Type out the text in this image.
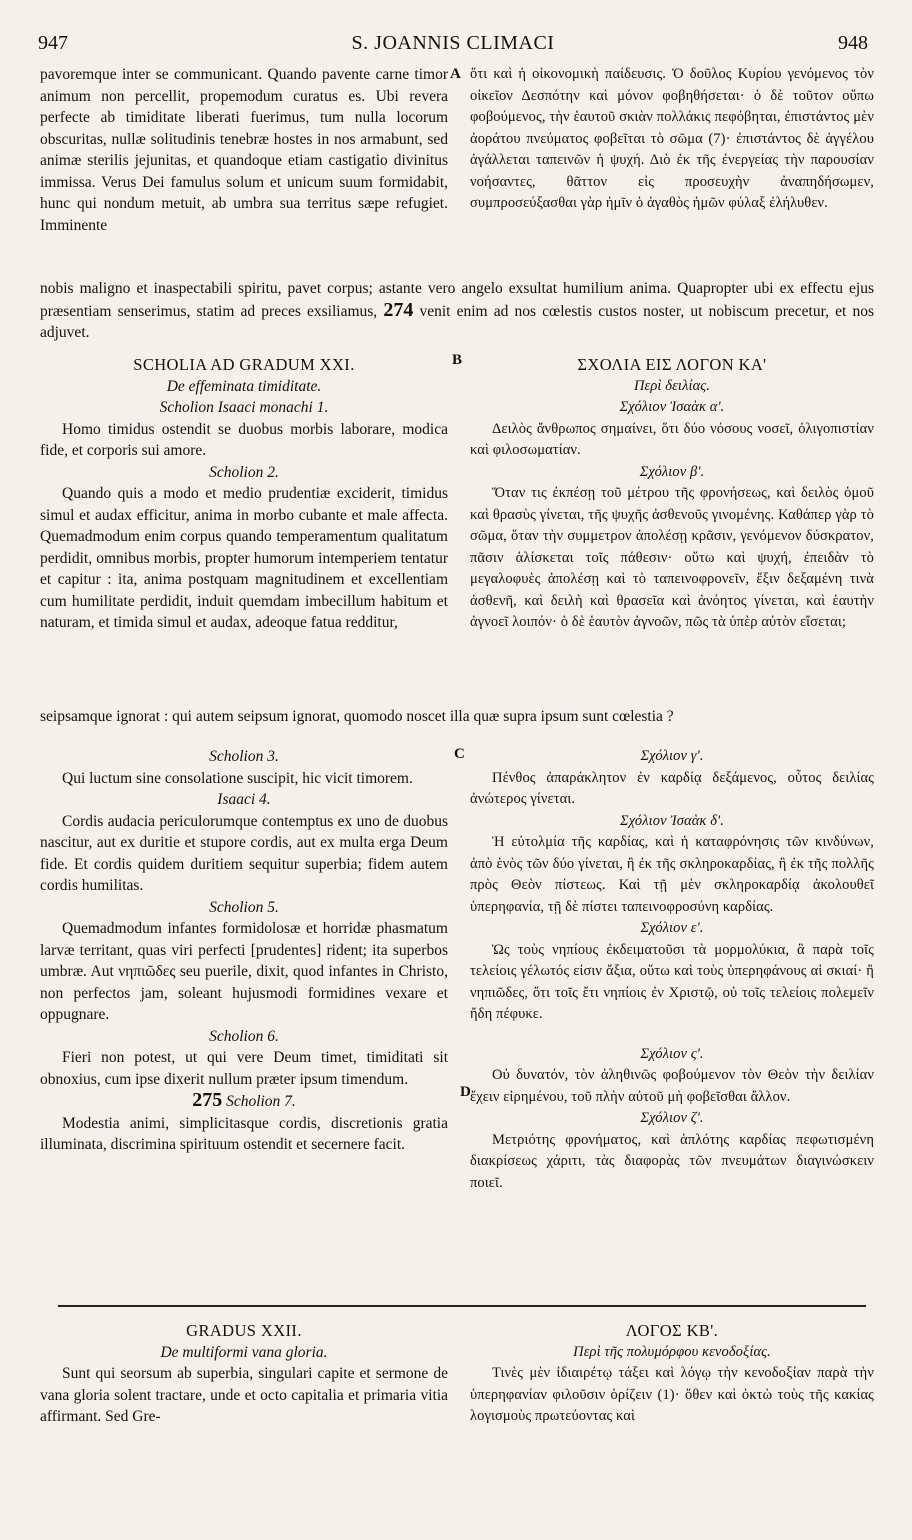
947	S. JOANNIS CLIMACI	948

pavoremque inter se communicant. Quando pavente carne timor animum non percellit, propemodum curatus es. Ubi revera perfecte ab timiditate liberati fuerimus, tum nulla locorum obscuritas, nullæ solitudinis tenebræ hostes in nos armabunt, sed animæ sterilis jejunitas, et quandoque etiam castigatio divinitus immissa. Verus Dei famulus solum et unicum suum formidabit, hunc qui nondum metuit, ab umbra sua territus sæpe refugiet. Imminente

A ὅτι καὶ ἡ οἰκονομικὴ παίδευσις. Ὁ δοῦλος Κυρίου γενόμενος τὸν οἰκεῖον Δεσπότην καὶ μόνον φοβηθήσεται· ὁ δὲ τοῦτον οὔπω φοβούμενος, τὴν ἑαυτοῦ σκιὰν πολλάκις πεφόβηται, ἐπιστάντος μὲν ἀοράτου πνεύματος φοβεῖται τὸ σῶμα (7)· ἐπιστάντος δὲ ἀγγέλου ἀγάλλεται ταπεινῶν ἡ ψυχή. Διὸ ἐκ τῆς ἐνεργείας τὴν παρουσίαν νοήσαντες, θᾶττον εἰς προσευχὴν ἀναπηδήσωμεν, συμπροσεύξασθαι γὰρ ἡμῖν ὁ ἀγαθὸς ἡμῶν φύλαξ ἐλήλυθεν.

nobis maligno et inaspectabili spiritu, pavet corpus; astante vero angelo exsultat humilium anima. Quapropter ubi ex effectu ejus præsentiam senserimus, statim ad preces exsiliamus, 274 venit enim ad nos cœlestis custos noster, ut nobiscum precetur, et nos adjuvet.
B

SCHOLIA AD GRADUM XXI.

De effeminata timiditate.

Scholion Isaaci monachi 1.

Homo timidus ostendit se duobus morbis laborare, modica fide, et corporis sui amore.

Scholion 2.

Quando quis a modo et medio prudentiæ exciderit, timidus simul et audax efficitur, anima in morbo cubante et male affecta. Quemadmodum enim corpus quando temperamentum qualitatum perdidit, omnibus morbis, propter humorum intemperiem tentatur et capitur : ita, anima postquam magnitudinem et excellentiam cum humilitate perdidit, induit quemdam imbecillum habitum et naturam, et timida simul et audax, adeoque fatua redditur,

ΣΧΟΛΙΑ ΕΙΣ ΛΟΓΟΝ ΚΑ'

Περὶ δειλίας.

Σχόλιον Ἰσαὰκ α'.

Δειλὸς ἄνθρωπος σημαίνει, ὅτι δύο νόσους νοσεῖ, ὀλιγοπιστίαν καὶ φιλοσωματίαν.

Σχόλιον β'.

Ὅταν τις ἐκπέσῃ τοῦ μέτρου τῆς φρονήσεως, καὶ δειλὸς ὁμοῦ καὶ θρασὺς γίνεται, τῆς ψυχῆς ἀσθενοῦς γινομένης. Καθάπερ γὰρ τὸ σῶμα, ὅταν τὴν συμμετρον ἀπολέσῃ κρᾶσιν, γενόμενον δύσκρατον, πᾶσιν ἁλίσκεται τοῖς πάθεσιν· οὕτω καὶ ψυχή, ἐπειδὰν τὸ μεγαλοφυὲς ἀπολέσῃ καὶ τὸ ταπεινοφρονεῖν, ἕξιν δεξαμένη τινὰ ἀσθενῆ, καὶ δειλὴ καὶ θρασεῖα καὶ ἀνόητος γίνεται, καὶ ἑαυτὴν ἀγνοεῖ λοιπόν· ὁ δὲ ἑαυτὸν ἀγνοῶν, πῶς τὰ ὑπὲρ αὐτὸν εἴσεται;

seipsamque ignorat : qui autem seipsum ignorat, quomodo noscet illa quæ supra ipsum sunt cœlestia ?
C

Scholion 3.

Qui luctum sine consolatione suscipit, hic vicit timorem.

Isaaci 4.

Cordis audacia periculorumque contemptus ex uno de duobus nascitur, aut ex duritie et stupore cordis, aut ex multa erga Deum fide. Et cordis quidem duritiem sequitur superbia; fidem autem cordis humilitas.

Scholion 5.

Quemadmodum infantes formidolosæ et horridæ phasmatum larvæ territant, quas viri perfecti [prudentes] rident; ita superbos umbræ. Aut νηπιῶδες seu puerile, dixit, quod infantes in Christo, non perfectos jam, soleant hujusmodi formidines vexare et oppugnare.

Scholion 6.

Fieri non potest, ut qui vere Deum timet, timiditati sit obnoxius, cum ipse dixerit nullum præter ipsum timendum.

275 Scholion 7.

Modestia animi, simplicitasque cordis, discretionis gratia illuminata, discrimina spirituum ostendit et secernere facit.

D

Σχόλιον γ'.

Πένθος ἀπαράκλητον ἐν καρδίᾳ δεξάμενος, οὗτος δειλίας ἀνώτερος γίνεται.

Σχόλιον Ἰσαὰκ δ'.

Ἡ εὐτολμία τῆς καρδίας, καὶ ἡ καταφρόνησις τῶν κινδύνων, ἀπὸ ἑνὸς τῶν δύο γίνεται, ἢ ἐκ τῆς σκληροκαρδίας, ἢ ἐκ τῆς πολλῆς πρὸς Θεὸν πίστεως. Καὶ τῇ μὲν σκληροκαρδίᾳ ἀκολουθεῖ ὑπερηφανία, τῇ δὲ πίστει ταπεινοφροσύνη καρδίας.

Σχόλιον ε'.

Ὡς τοὺς νηπίους ἐκδειματοῦσι τὰ μορμολύκια, ἃ παρὰ τοῖς τελείοις γέλωτός εἰσιν ἄξια, οὕτω καὶ τοὺς ὑπερηφάνους αἱ σκιαί· ἢ νηπιῶδες, ὅτι τοῖς ἔτι νηπίοις ἐν Χριστῷ, οὐ τοῖς τελείοις πολεμεῖν ἤδη πέφυκε.

Σχόλιον ς'.

Οὐ δυνατόν, τὸν ἀληθινῶς φοβούμενον τὸν Θεὸν τὴν δειλίαν ἔχειν εἰρημένου, τοῦ πλὴν αὐτοῦ μὴ φοβεῖσθαι ἄλλον.

Σχόλιον ζ'.

Μετριότης φρονήματος, καὶ ἁπλότης καρδίας πεφωτισμένη διακρίσεως χάριτι, τὰς διαφορὰς τῶν πνευμάτων διαγινώσκειν ποιεῖ.

GRADUS XXII.

De multiformi vana gloria.

Sunt qui seorsum ab superbia, singulari capite et sermone de vana gloria solent tractare, unde et octo capitalia et primaria vitia affirmant. Sed Gre-

ΛΟΓΟΣ ΚΒ'.

Περὶ τῆς πολυμόρφου κενοδοξίας.

Τινὲς μὲν ἰδιαιρέτῳ τάξει καὶ λόγῳ τὴν κενοδοξίαν παρὰ τὴν ὑπερηφανίαν φιλοῦσιν ὁρίζειν (1)· ὅθεν καὶ ὀκτὼ τοὺς τῆς κακίας λογισμοὺς πρωτεύοντας καὶ
